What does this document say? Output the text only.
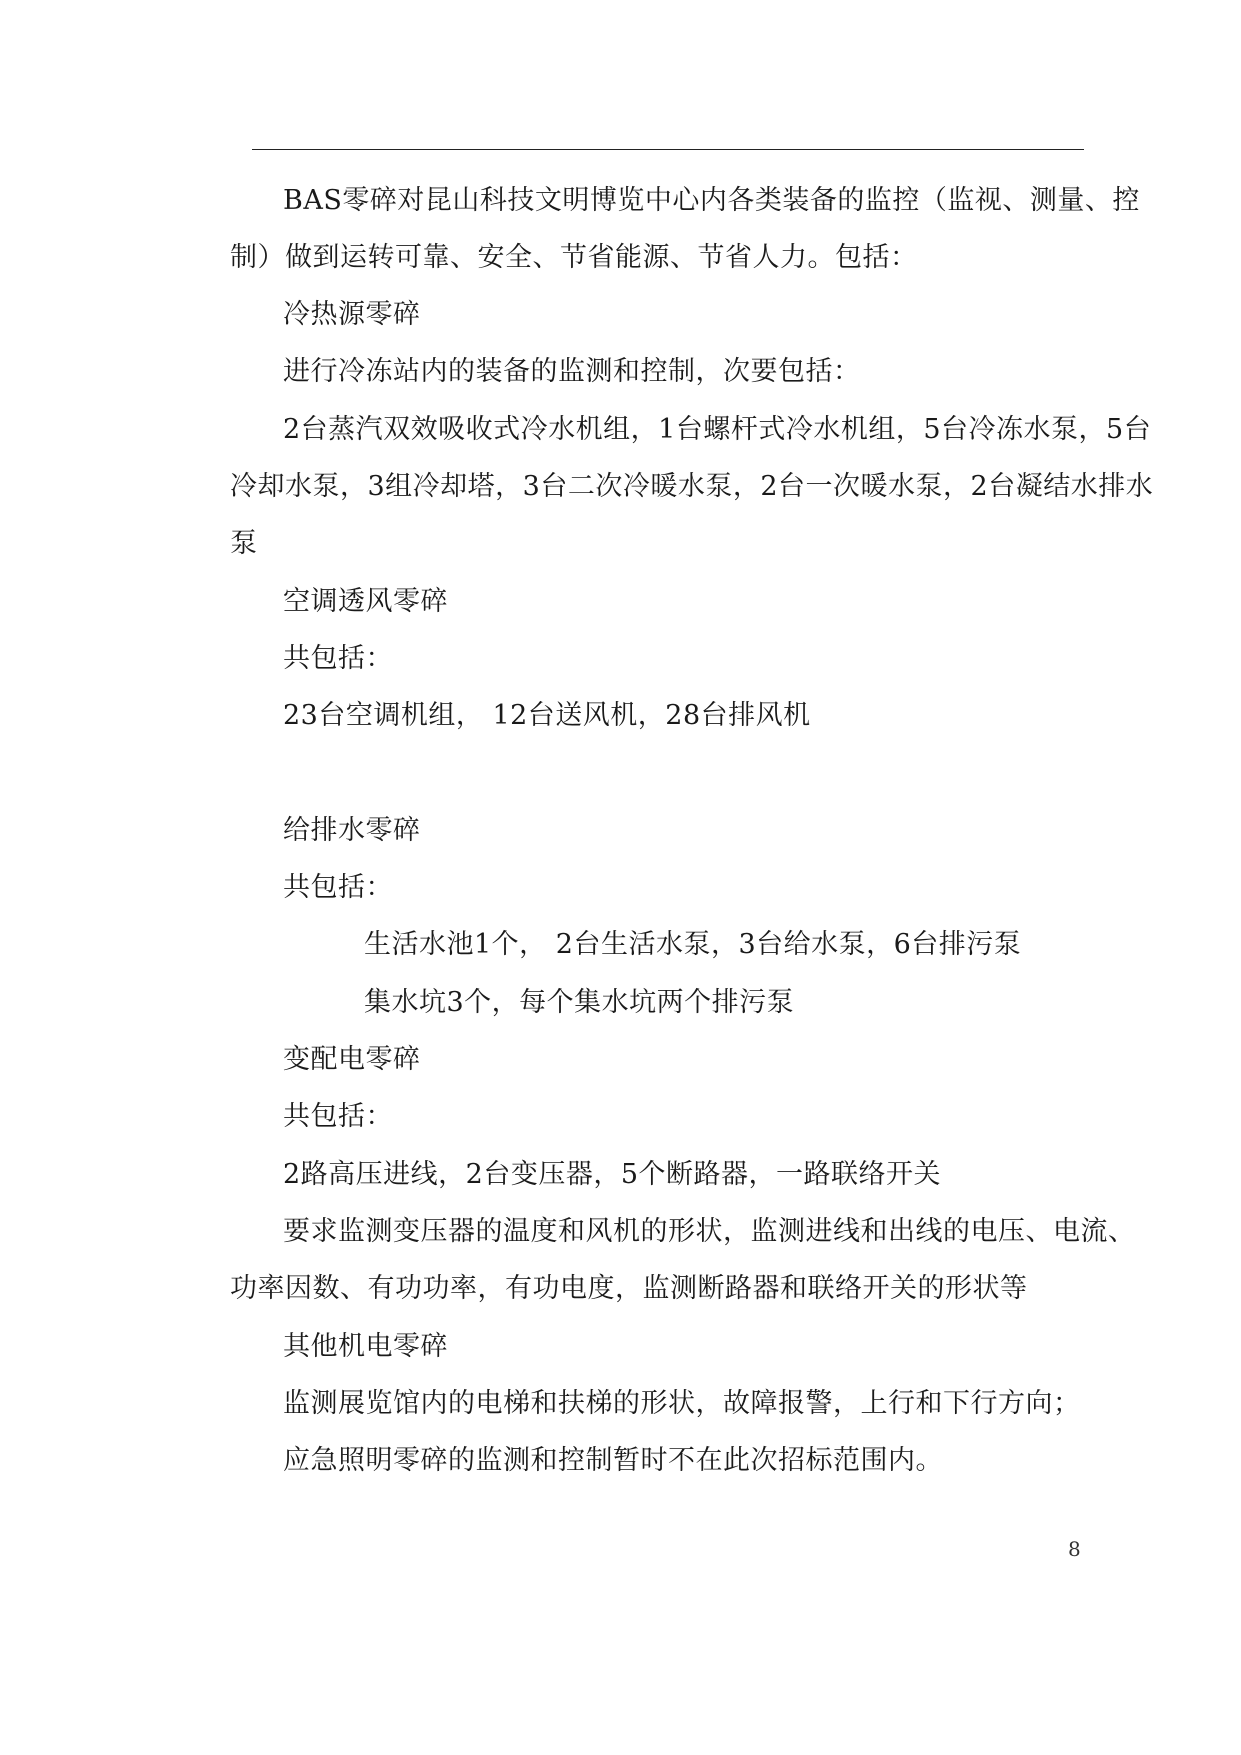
BAS零碎对昆山科技文明博览中心内各类装备的监控（监视、测量、控
制）做到运转可靠、安全、节省能源、节省人力。包括：
冷热源零碎
进行冷冻站内的装备的监测和控制，次要包括：
2台蒸汽双效吸收式冷水机组，1台螺杆式冷水机组，5台冷冻水泵，5台
冷却水泵，3组冷却塔，3台二次冷暖水泵，2台一次暖水泵，2台凝结水排水
泵
空调透风零碎
共包括：
23台空调机组， 12台送风机，28台排风机
给排水零碎
共包括：
生活水池1个， 2台生活水泵，3台给水泵，6台排污泵
集水坑3个，每个集水坑两个排污泵
变配电零碎
共包括：
2路高压进线，2台变压器，5个断路器，一路联络开关
要求监测变压器的温度和风机的形状，监测进线和出线的电压、电流、
功率因数、有功功率，有功电度，监测断路器和联络开关的形状等
其他机电零碎
监测展览馆内的电梯和扶梯的形状，故障报警，上行和下行方向；
应急照明零碎的监测和控制暂时不在此次招标范围内。
8
